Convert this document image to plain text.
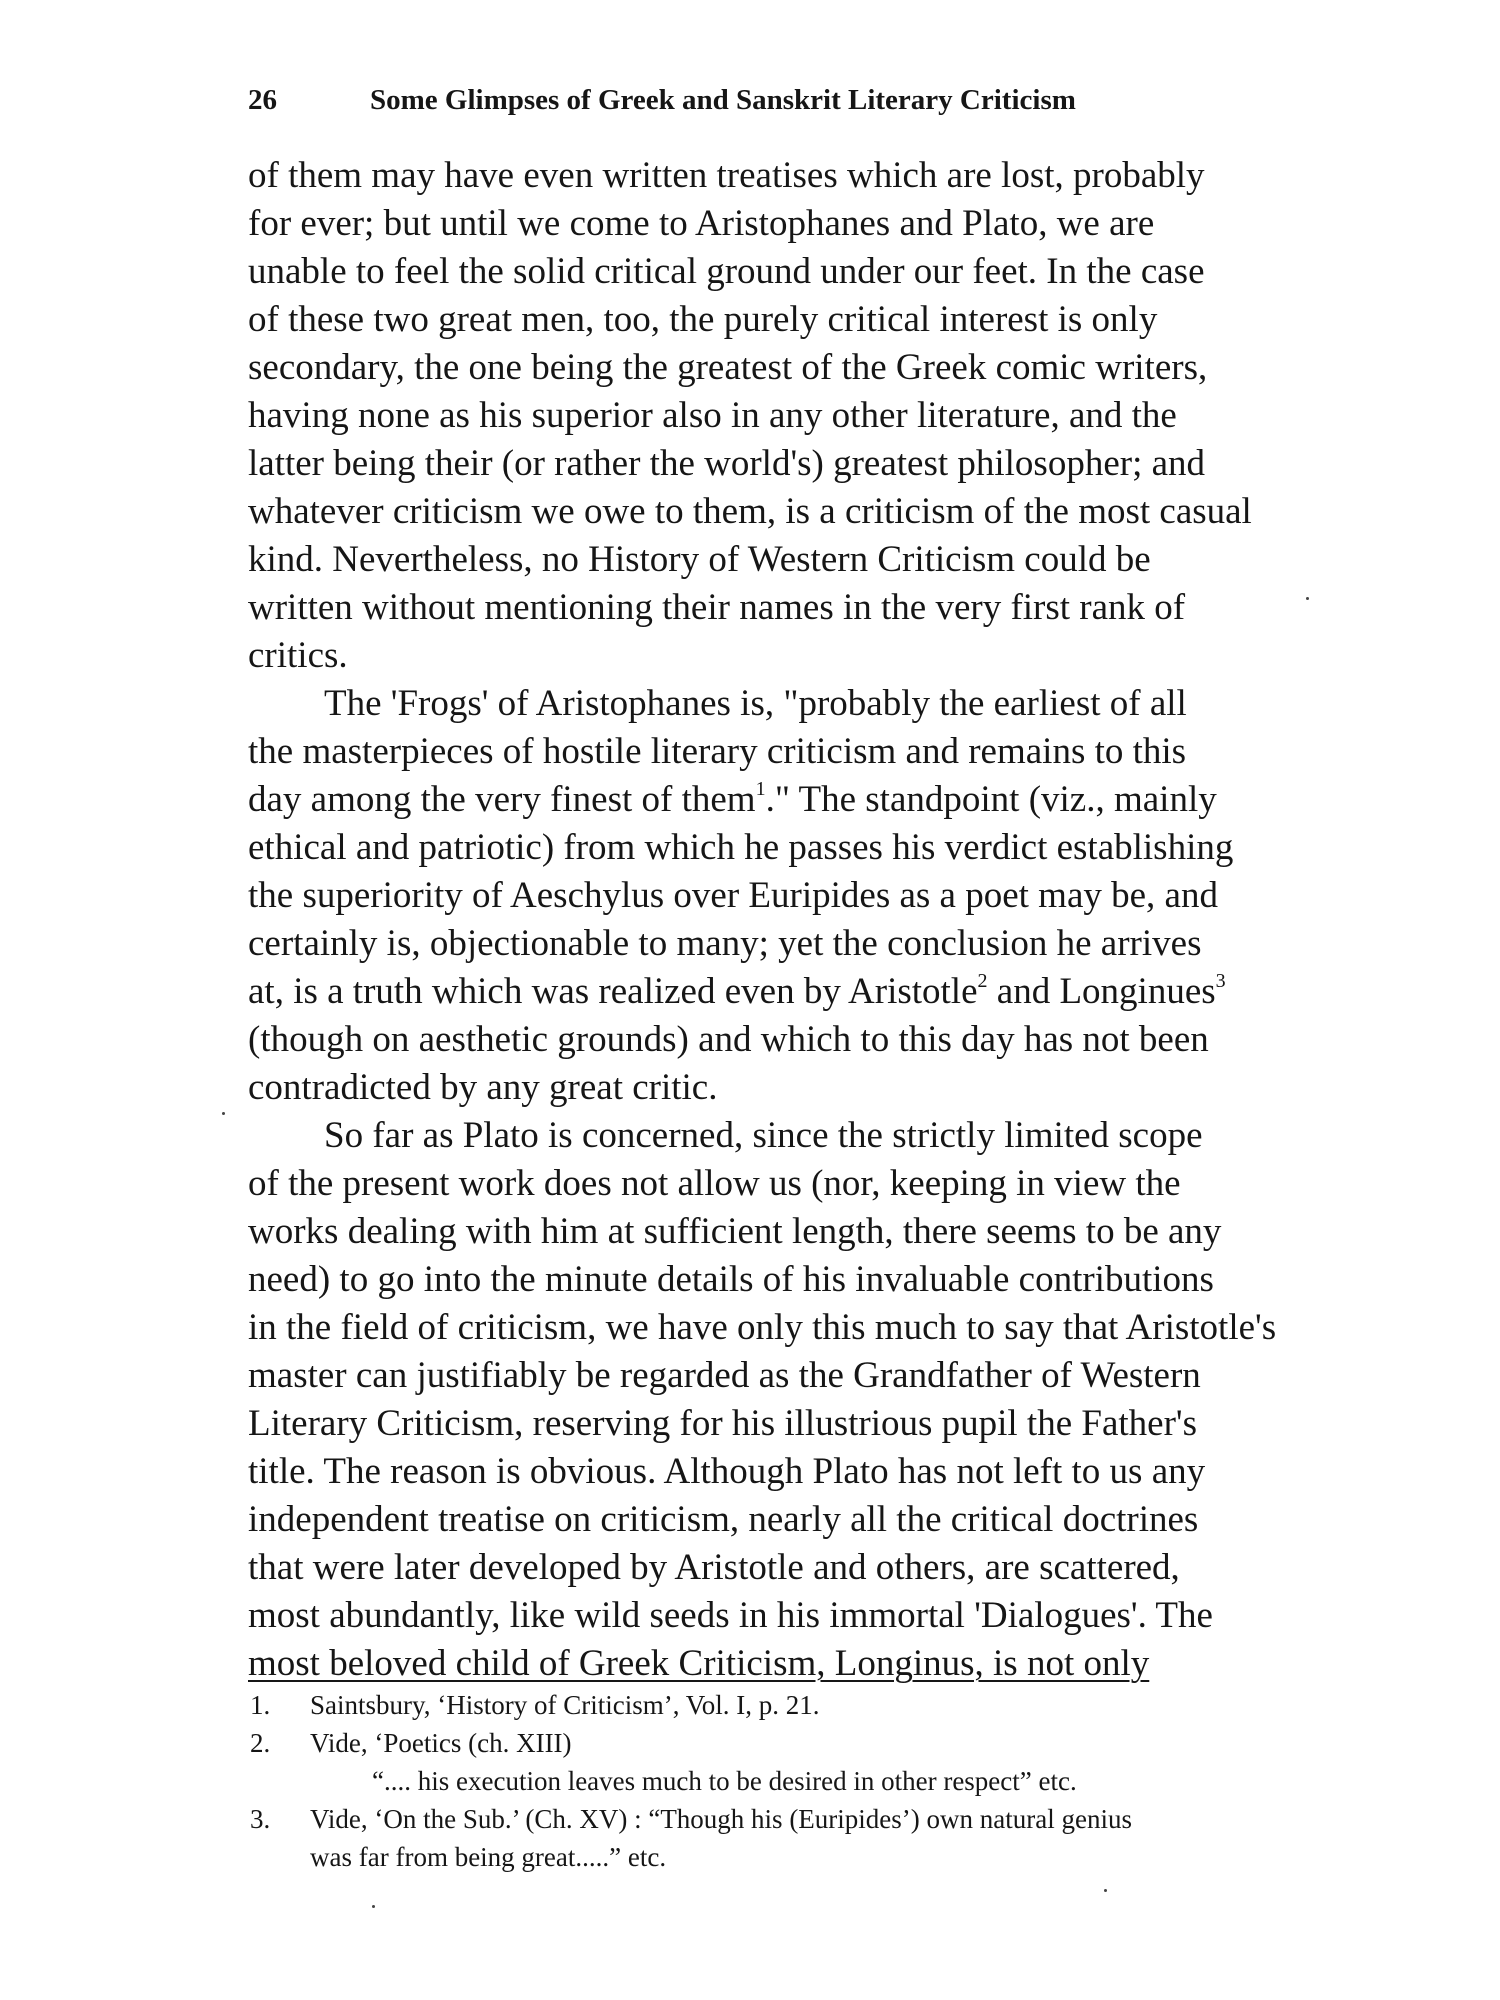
26	Some Glimpses of Greek and Sanskrit Literary Criticism
of them may have even written treatises which are lost, probably
for ever; but until we come to Aristophanes and Plato, we are
unable to feel the solid critical ground under our feet. In the case
of these two great men, too, the purely critical interest is only
secondary, the one being the greatest of the Greek comic writers,
having none as his superior also in any other literature, and the
latter being their (or rather the world's) greatest philosopher; and
whatever criticism we owe to them, is a criticism of the most casual
kind. Nevertheless, no History of Western Criticism could be
written without mentioning their names in the very first rank of
critics.
The 'Frogs' of Aristophanes is, "probably the earliest of all
the masterpieces of hostile literary criticism and remains to this
day among the very finest of them$^1$." The standpoint (viz., mainly
ethical and patriotic) from which he passes his verdict establishing
the superiority of Aeschylus over Euripides as a poet may be, and
certainly is, objectionable to many; yet the conclusion he arrives
at, is a truth which was realized even by Aristotle$^2$ and Longinues$^3$
(though on aesthetic grounds) and which to this day has not been
contradicted by any great critic.
So far as Plato is concerned, since the strictly limited scope
of the present work does not allow us (nor, keeping in view the
works dealing with him at sufficient length, there seems to be any
need) to go into the minute details of his invaluable contributions
in the field of criticism, we have only this much to say that Aristotle's
master can justifiably be regarded as the Grandfather of Western
Literary Criticism, reserving for his illustrious pupil the Father's
title. The reason is obvious. Although Plato has not left to us any
independent treatise on criticism, nearly all the critical doctrines
that were later developed by Aristotle and others, are scattered,
most abundantly, like wild seeds in his immortal 'Dialogues'. The
most beloved child of Greek Criticism, Longinus, is not only
1. Saintsbury, ‘History of Criticism’, Vol. I, p. 21.
2. Vide, ‘Poetics (ch. XIII)
“.... his execution leaves much to be desired in other respect” etc.
3. Vide, ‘On the Sub.’ (Ch. XV) : “Though his (Euripides’) own natural genius
was far from being great.....” etc.
